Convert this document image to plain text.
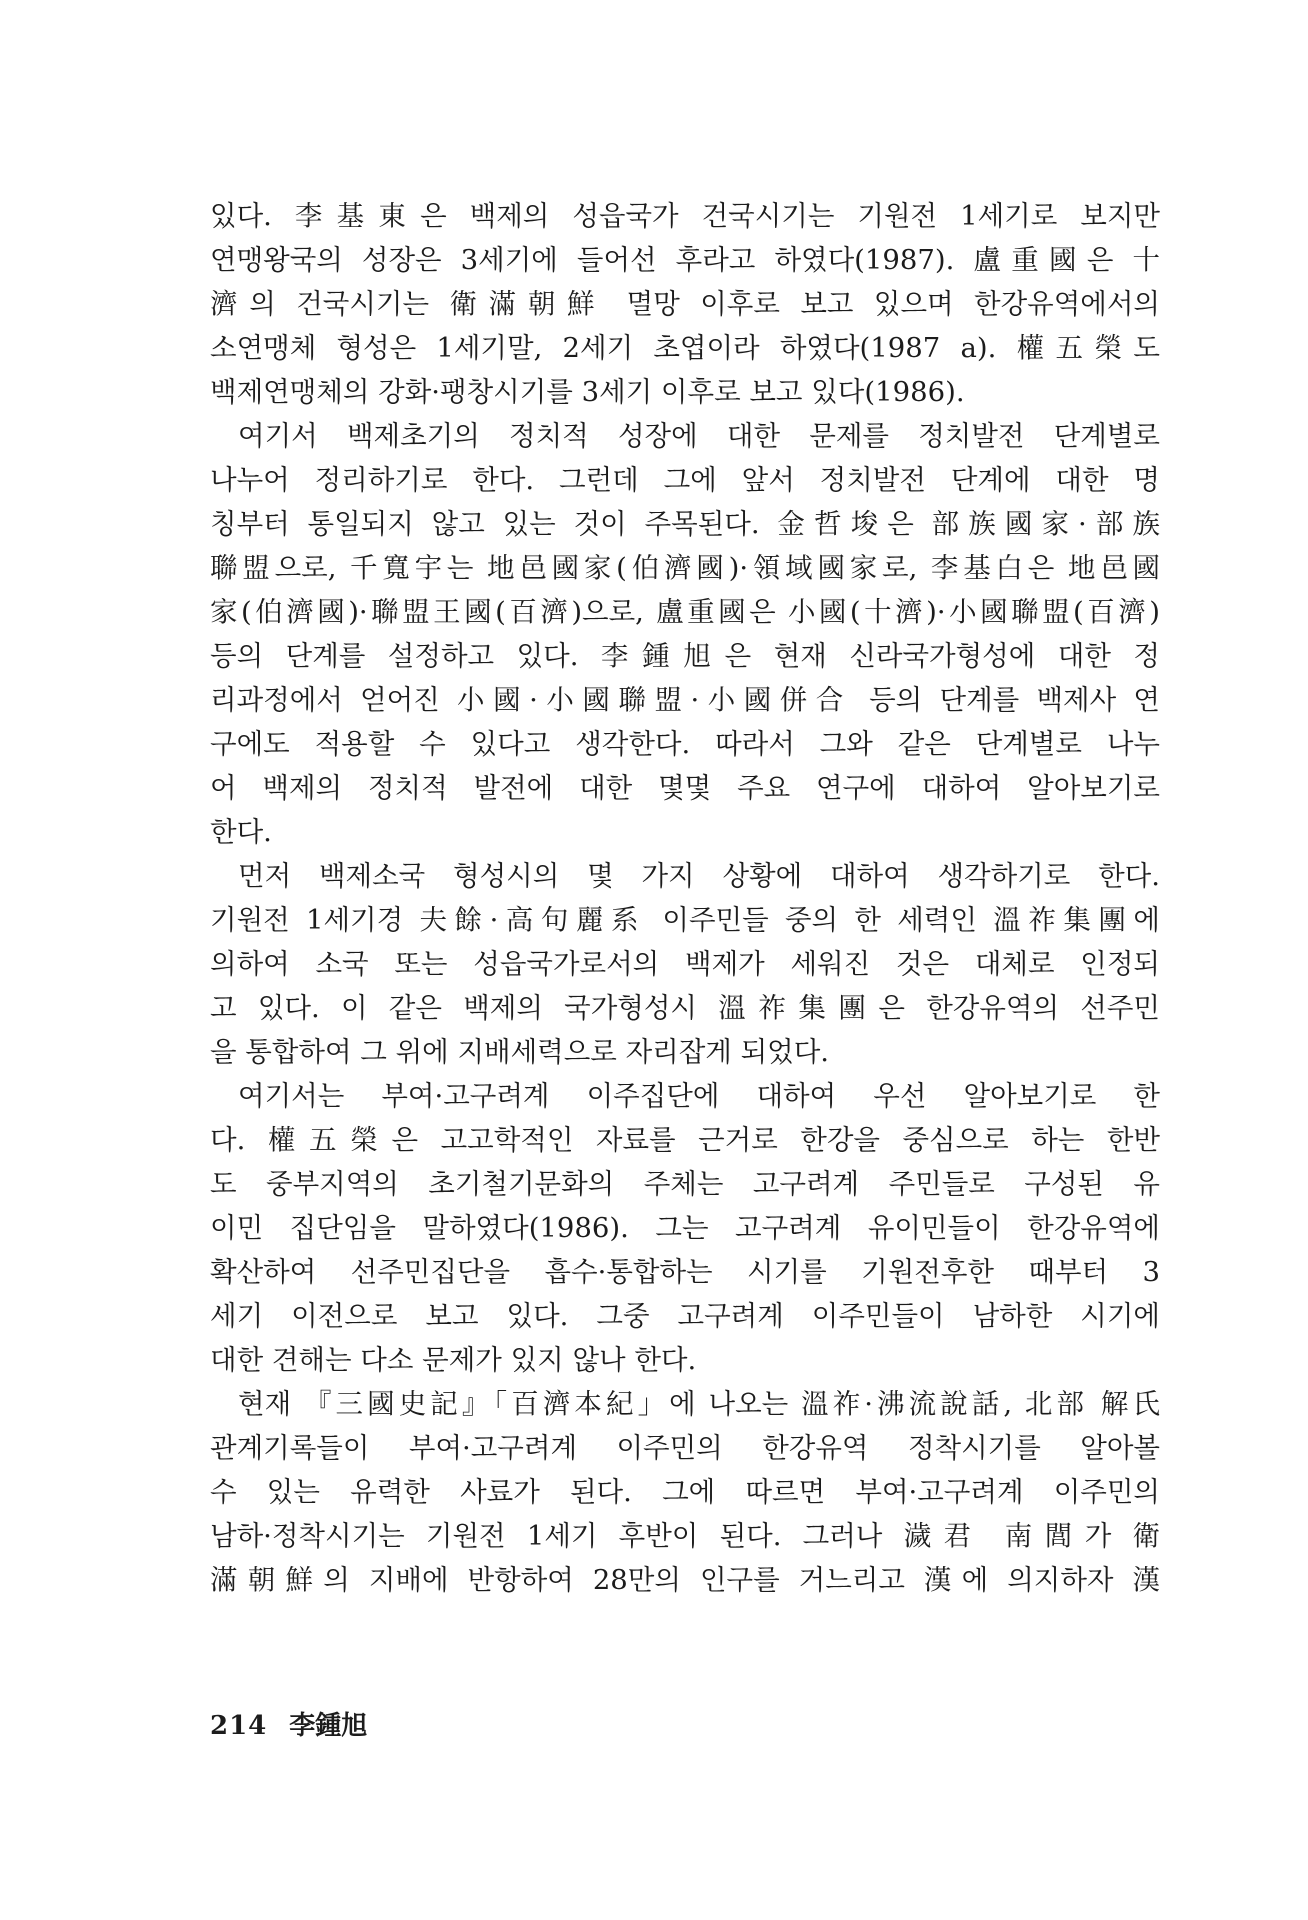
있다. 李基東은 백제의 성읍국가 건국시기는 기원전 1세기로 보지만
연맹왕국의 성장은 3세기에 들어선 후라고 하였다(1987). 盧重國은 十
濟의 건국시기는 衛滿朝鮮 멸망 이후로 보고 있으며 한강유역에서의
소연맹체 형성은 1세기말, 2세기 초엽이라 하였다(1987 a). 權五榮도
백제연맹체의 강화·팽창시기를 3세기 이후로 보고 있다(1986).
여기서 백제초기의 정치적 성장에 대한 문제를 정치발전 단계별로
나누어 정리하기로 한다. 그런데 그에 앞서 정치발전 단계에 대한 명
칭부터 통일되지 않고 있는 것이 주목된다. 金哲埈은 部族國家·部族
聯盟으로, 千寬宇는 地邑國家(伯濟國)·領域國家로, 李基白은 地邑國
家(伯濟國)·聯盟王國(百濟)으로, 盧重國은 小國(十濟)·小國聯盟(百濟)
등의 단계를 설정하고 있다. 李鍾旭은 현재 신라국가형성에 대한 정
리과정에서 얻어진 小國·小國聯盟·小國併合 등의 단계를 백제사 연
구에도 적용할 수 있다고 생각한다. 따라서 그와 같은 단계별로 나누
어 백제의 정치적 발전에 대한 몇몇 주요 연구에 대하여 알아보기로
한다.
먼저 백제소국 형성시의 몇 가지 상황에 대하여 생각하기로 한다.
기원전 1세기경 夫餘·高句麗系 이주민들 중의 한 세력인 溫祚集團에
의하여 소국 또는 성읍국가로서의 백제가 세워진 것은 대체로 인정되
고 있다. 이 같은 백제의 국가형성시 溫祚集團은 한강유역의 선주민
을 통합하여 그 위에 지배세력으로 자리잡게 되었다.
여기서는 부여·고구려계 이주집단에 대하여 우선 알아보기로 한
다. 權五榮은 고고학적인 자료를 근거로 한강을 중심으로 하는 한반
도 중부지역의 초기철기문화의 주체는 고구려계 주민들로 구성된 유
이민 집단임을 말하였다(1986). 그는 고구려계 유이민들이 한강유역에
확산하여 선주민집단을 흡수·통합하는 시기를 기원전후한 때부터 3
세기 이전으로 보고 있다. 그중 고구려계 이주민들이 남하한 시기에
대한 견해는 다소 문제가 있지 않나 한다.
현재 『三國史記』「百濟本紀」에 나오는 溫祚·沸流說話, 北部 解氏
관계기록들이 부여·고구려계 이주민의 한강유역 정착시기를 알아볼
수 있는 유력한 사료가 된다. 그에 따르면 부여·고구려계 이주민의
남하·정착시기는 기원전 1세기 후반이 된다. 그러나 濊君 南閭가 衛
滿朝鮮의 지배에 반항하여 28만의 인구를 거느리고 漢에 의지하자 漢
214 李鍾旭
